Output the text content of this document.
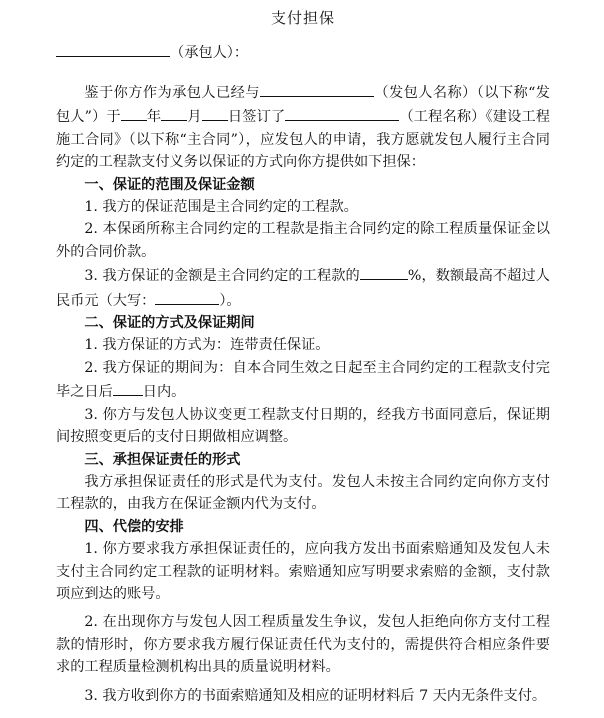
支付担保
（承包人）：

鉴于你方作为承包人已经与	（发包人名称）（以下称“发包人”）于 年 月 日签订了	（工程名称）《建设工程施工合同》（以下称“主合同”），应发包人的申请，我方愿就发包人履行主合同约定的工程款支付义务以保证的方式向你方提供如下担保：

一、保证的范围及保证金额

1. 我方的保证范围是主合同约定的工程款。

2. 本保函所称主合同约定的工程款是指主合同约定的除工程质量保证金以外的合同价款。

3. 我方保证的金额是主合同约定的工程款的	%，数额最高不超过人民币元（大写：	）。

二、保证的方式及保证期间

1. 我方保证的方式为：连带责任保证。

2. 我方保证的期间为：自本合同生效之日起至主合同约定的工程款支付完毕之日后 日内。

3. 你方与发包人协议变更工程款支付日期的，经我方书面同意后，保证期间按照变更后的支付日期做相应调整。

三、承担保证责任的形式

我方承担保证责任的形式是代为支付。发包人未按主合同约定向你方支付工程款的，由我方在保证金额内代为支付。

四、代偿的安排

1. 你方要求我方承担保证责任的，应向我方发出书面索赔通知及发包人未支付主合同约定工程款的证明材料。索赔通知应写明要求索赔的金额，支付款项应到达的账号。

2. 在出现你方与发包人因工程质量发生争议，发包人拒绝向你方支付工程款的情形时，你方要求我方履行保证责任代为支付的，需提供符合相应条件要求的工程质量检测机构出具的质量说明材料。

3. 我方收到你方的书面索赔通知及相应的证明材料后 7 天内无条件支付。
